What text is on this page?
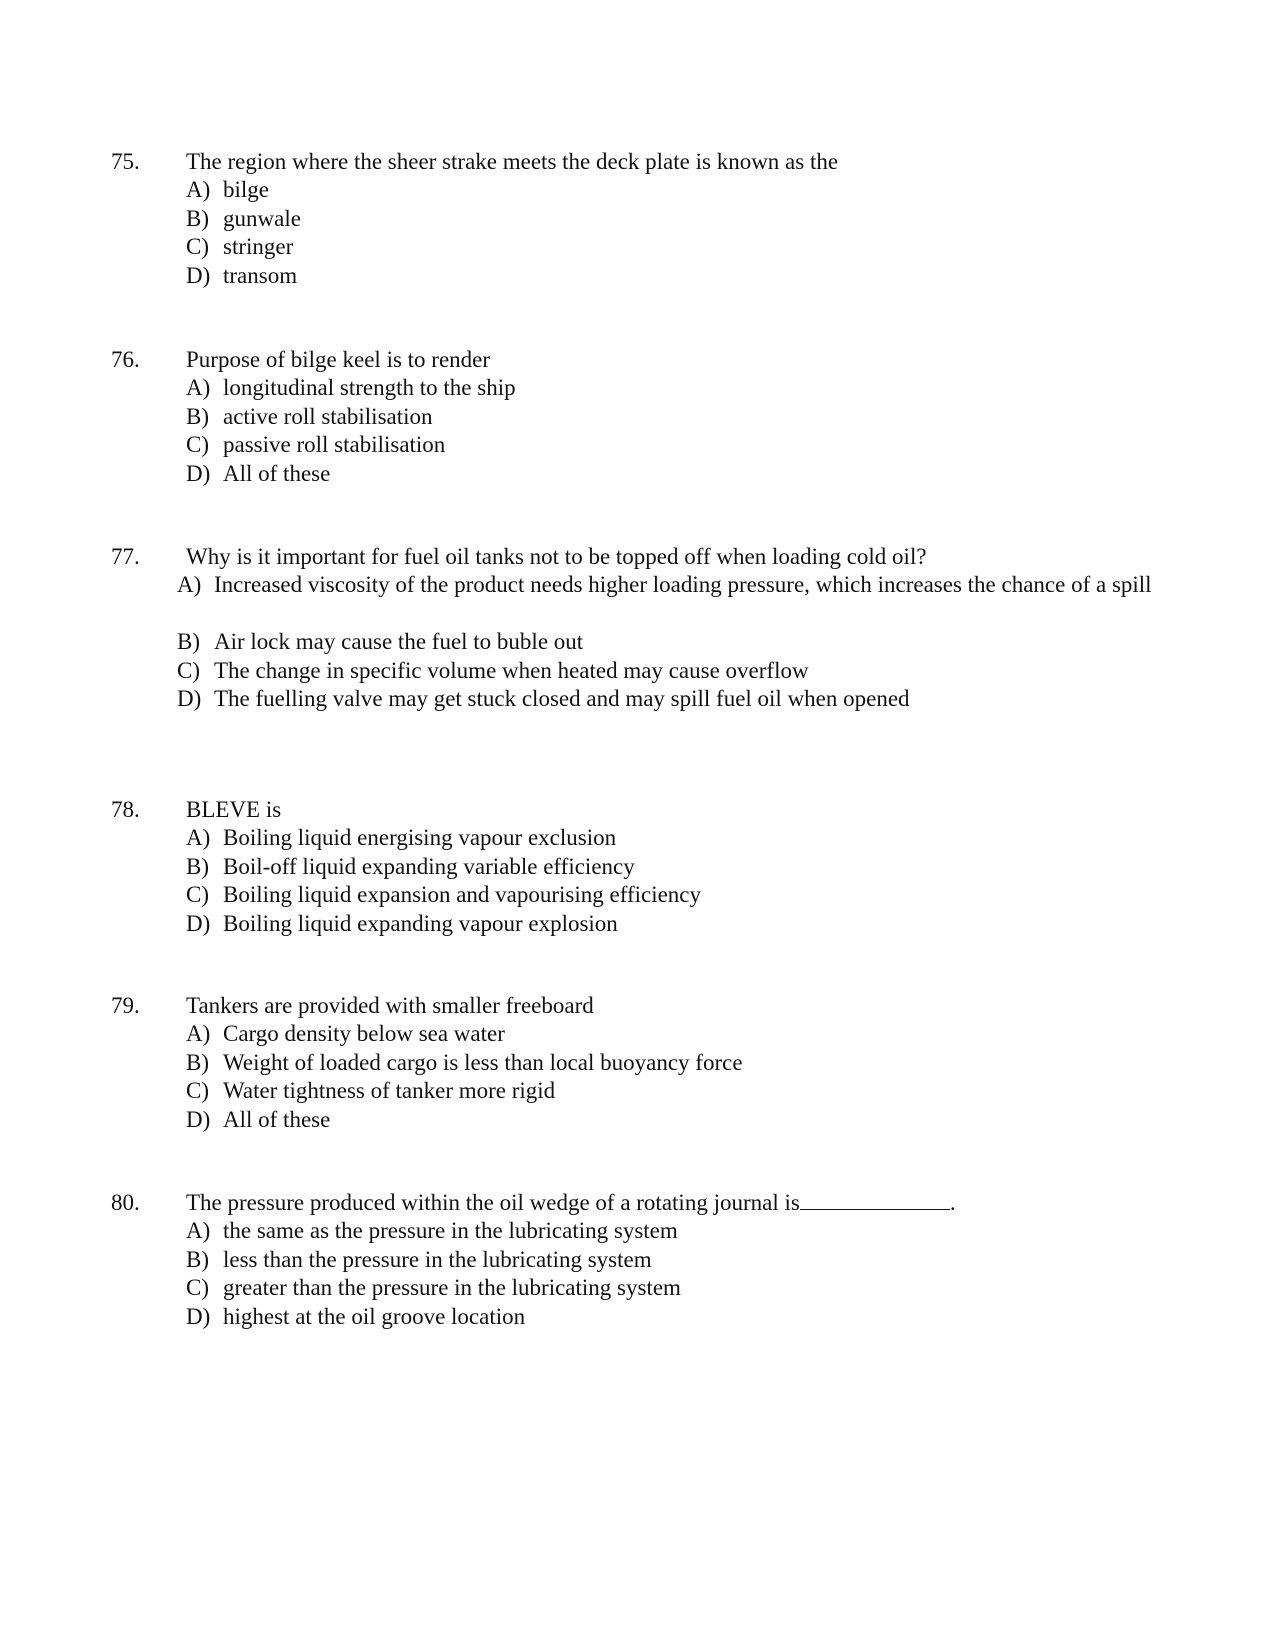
75. The region where the sheer strake meets the deck plate is known as the
A) bilge
B) gunwale
C) stringer
D) transom
76. Purpose of bilge keel is to render
A) longitudinal strength to the ship
B) active roll stabilisation
C) passive roll stabilisation
D) All of these
77. Why is it important for fuel oil tanks not to be topped off when loading cold oil?
A) Increased viscosity of the product needs higher loading pressure, which increases the chance of a spill
B) Air lock may cause the fuel to buble out
C) The change in specific volume when heated may cause overflow
D) The fuelling valve may get stuck closed and may spill fuel oil when opened
78. BLEVE is
A) Boiling liquid energising vapour exclusion
B) Boil-off liquid expanding variable efficiency
C) Boiling liquid expansion and vapourising efficiency
D) Boiling liquid expanding vapour explosion
79. Tankers are provided with smaller freeboard
A) Cargo density below sea water
B) Weight of loaded cargo is less than local buoyancy force
C) Water tightness of tanker more rigid
D) All of these
80. The pressure produced within the oil wedge of a rotating journal is	.
A) the same as the pressure in the lubricating system
B) less than the pressure in the lubricating system
C) greater than the pressure in the lubricating system
D) highest at the oil groove location
